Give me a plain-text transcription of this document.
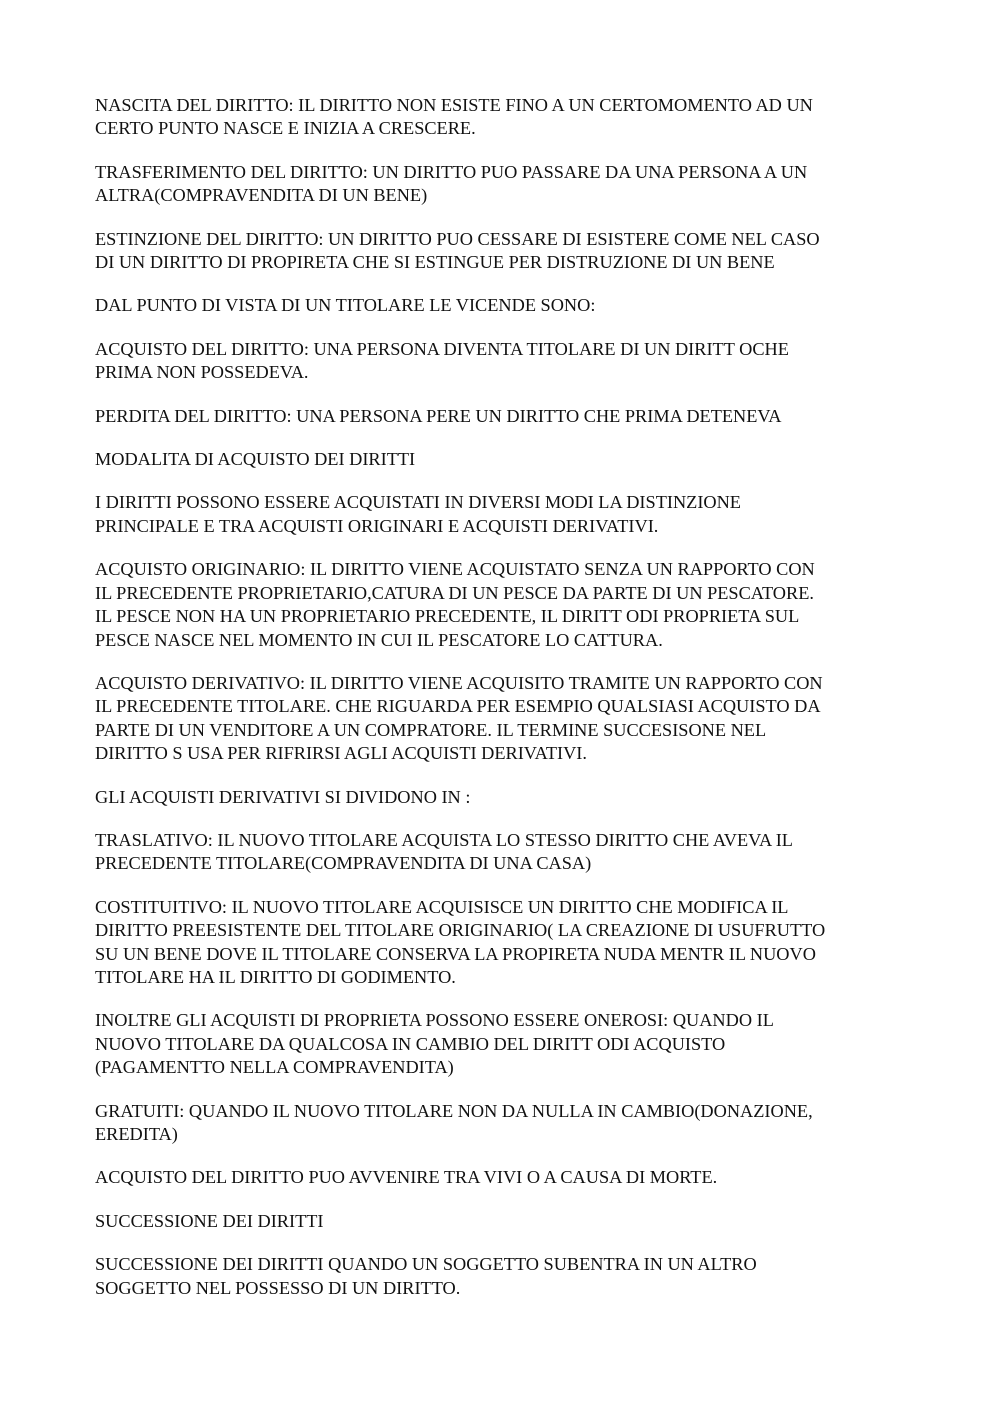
NASCITA DEL DIRITTO: IL DIRITTO NON ESISTE FINO A UN CERTOMOMENTO AD UN
CERTO PUNTO NASCE E INIZIA A CRESCERE.

TRASFERIMENTO DEL DIRITTO: UN DIRITTO PUO PASSARE DA UNA PERSONA A UN
ALTRA(COMPRAVENDITA DI UN BENE)

ESTINZIONE DEL DIRITTO: UN DIRITTO PUO CESSARE DI ESISTERE COME NEL CASO
DI UN DIRITTO DI PROPIRETA CHE SI ESTINGUE PER DISTRUZIONE DI UN BENE

DAL PUNTO DI VISTA DI UN TITOLARE LE VICENDE SONO:

ACQUISTO DEL DIRITTO: UNA PERSONA DIVENTA TITOLARE DI UN DIRITT OCHE
PRIMA NON POSSEDEVA.

PERDITA DEL DIRITTO: UNA PERSONA PERE UN DIRITTO CHE PRIMA DETENEVA

MODALITA DI ACQUISTO DEI DIRITTI

I DIRITTI POSSONO ESSERE ACQUISTATI IN DIVERSI MODI LA DISTINZIONE
PRINCIPALE E TRA ACQUISTI ORIGINARI E ACQUISTI DERIVATIVI.

ACQUISTO ORIGINARIO: IL DIRITTO VIENE ACQUISTATO SENZA UN RAPPORTO CON
IL PRECEDENTE PROPRIETARIO,CATURA DI UN PESCE DA PARTE DI UN PESCATORE.
IL PESCE NON HA UN PROPRIETARIO PRECEDENTE, IL DIRITT ODI PROPRIETA SUL
PESCE NASCE NEL MOMENTO IN CUI IL PESCATORE LO CATTURA.

ACQUISTO DERIVATIVO: IL DIRITTO VIENE ACQUISITO TRAMITE UN RAPPORTO CON
IL PRECEDENTE TITOLARE. CHE RIGUARDA PER ESEMPIO QUALSIASI ACQUISTO DA
PARTE DI UN VENDITORE A UN COMPRATORE. IL TERMINE SUCCESISONE NEL
DIRITTO S USA PER RIFRIRSI AGLI ACQUISTI DERIVATIVI.

GLI ACQUISTI DERIVATIVI SI DIVIDONO IN :

TRASLATIVO: IL NUOVO TITOLARE ACQUISTA LO STESSO DIRITTO CHE AVEVA IL
PRECEDENTE TITOLARE(COMPRAVENDITA DI UNA CASA)

COSTITUITIVO: IL NUOVO TITOLARE ACQUISISCE UN DIRITTO CHE MODIFICA IL
DIRITTO PREESISTENTE DEL TITOLARE ORIGINARIO( LA CREAZIONE DI USUFRUTTO
SU UN BENE DOVE IL TITOLARE CONSERVA LA PROPIRETA NUDA MENTR IL NUOVO
TITOLARE HA IL DIRITTO DI GODIMENTO.

INOLTRE GLI ACQUISTI DI PROPRIETA POSSONO ESSERE ONEROSI: QUANDO IL
NUOVO TITOLARE DA QUALCOSA IN CAMBIO DEL DIRITT ODI ACQUISTO
(PAGAMENTTO NELLA COMPRAVENDITA)

GRATUITI: QUANDO IL NUOVO TITOLARE NON DA NULLA IN CAMBIO(DONAZIONE,
EREDITA)

ACQUISTO DEL DIRITTO PUO AVVENIRE TRA VIVI O A CAUSA DI MORTE.

SUCCESSIONE DEI DIRITTI

SUCCESSIONE DEI DIRITTI QUANDO UN SOGGETTO SUBENTRA IN UN ALTRO
SOGGETTO NEL POSSESSO DI UN DIRITTO.
